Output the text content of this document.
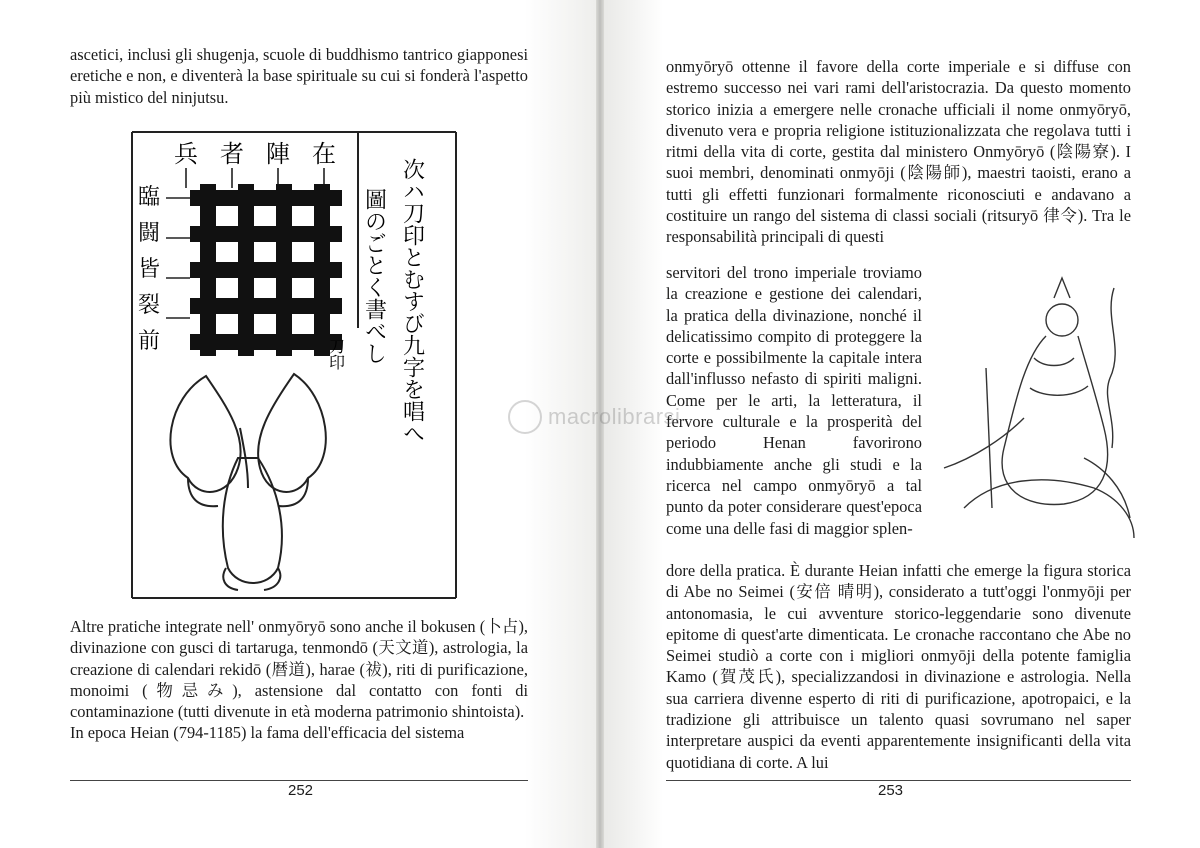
ascetici, inclusi gli shugenja, scuole di buddhismo tantrico giapponesi eretiche e non, e diventerà la base spirituale su cui si fonderà l'aspetto più mistico del ninjutsu.

兵 者 陣 在
臨
闘
皆
裂
前	次ハ刀印とむすび九字を唱へ
圖のごとく書べし
刀印

Altre pratiche integrate nell' onmyōryō sono anche il bokusen (卜占), divinazione con gusci di tartaruga, tenmondō (天文道), astrologia, la creazione di calendari rekidō (暦道), harae (祓), riti di purificazione, monoimi (物忌み), astensione dal contatto con fonti di contaminazione (tutti divenute in età moderna patrimonio shintoista).

In epoca Heian (794-1185) la fama dell'efficacia del sistema

252

onmyōryō ottenne il favore della corte imperiale e si diffuse con estremo successo nei vari rami dell'aristocrazia. Da questo momento storico inizia a emergere nelle cronache ufficiali il nome onmyōryō, divenuto vera e propria religione istituzionalizzata che regolava tutti i ritmi della vita di corte, gestita dal ministero Onmyōryō (陰陽寮). I suoi membri, denominati onmyōji (陰陽師), maestri taoisti, erano a tutti gli effetti funzionari formalmente riconosciuti e andavano a costituire un rango del sistema di classi sociali (ritsuryō 律令). Tra le responsabilità principali di questi

servitori del trono imperiale troviamo la creazione e gestione dei calendari, la pratica della divinazione, nonché il delicatissimo compito di proteggere la corte e possibilmente la capitale intera dall'influsso nefasto di spiriti maligni. Come per le arti, la letteratura, il fervore culturale e la prosperità del periodo Henan favorirono indubbiamente anche gli studi e la ricerca nel campo onmyōryō a tal punto da poter considerare quest'epoca come una delle fasi di maggior splen-

dore della pratica. È durante Heian infatti che emerge la figura storica di Abe no Seimei (安倍 晴明), considerato a tutt'oggi l'onmyōji per antonomasia, le cui avventure storico-leggendarie sono divenute epitome di quest'arte dimenticata. Le cronache raccontano che Abe no Seimei studiò a corte con i migliori onmyōji della potente famiglia Kamo (賀茂氏), specializzandosi in divinazione e astrologia. Nella sua carriera divenne esperto di riti di purificazione, apotropaici, e la tradizione gli attribuisce un talento quasi sovrumano nel saper interpretare auspici da eventi apparentemente insignificanti della vita quotidiana di corte. A lui

253
macrolibrarsi
